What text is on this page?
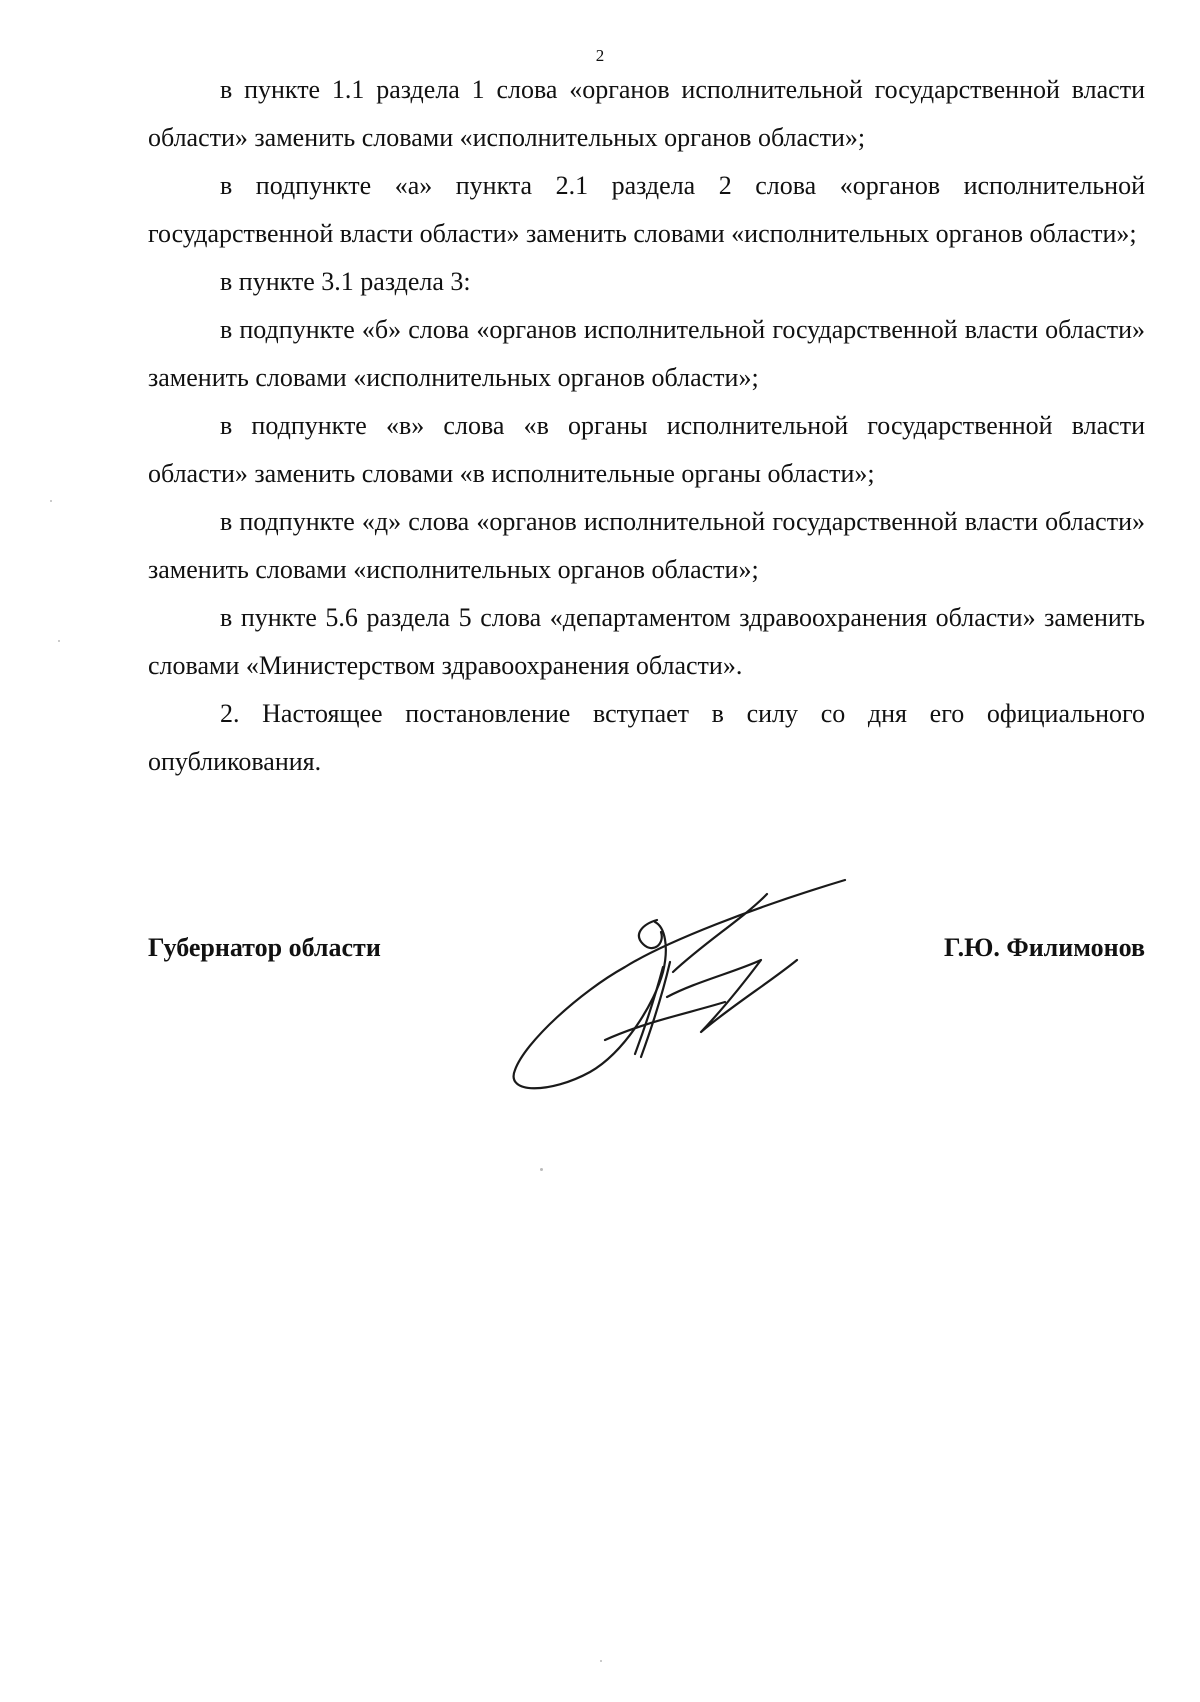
2

в пункте 1.1 раздела 1 слова «органов исполнительной государственной власти области» заменить словами «исполнительных органов области»;

в подпункте «а» пункта 2.1 раздела 2 слова «органов исполнительной государственной власти области» заменить словами «исполнительных органов области»;

в пункте 3.1 раздела 3:

в подпункте «б» слова «органов исполнительной государственной власти области» заменить словами «исполнительных органов области»;

в подпункте «в» слова «в органы исполнительной государственной власти области» заменить словами «в исполнительные органы области»;

в подпункте «д» слова «органов исполнительной государственной власти области» заменить словами «исполнительных органов области»;

в пункте 5.6 раздела 5 слова «департаментом здравоохранения области» заменить словами «Министерством здравоохранения области».

2. Настоящее постановление вступает в силу со дня его официального опубликования.

Губернатор области	Г.Ю. Филимонов
